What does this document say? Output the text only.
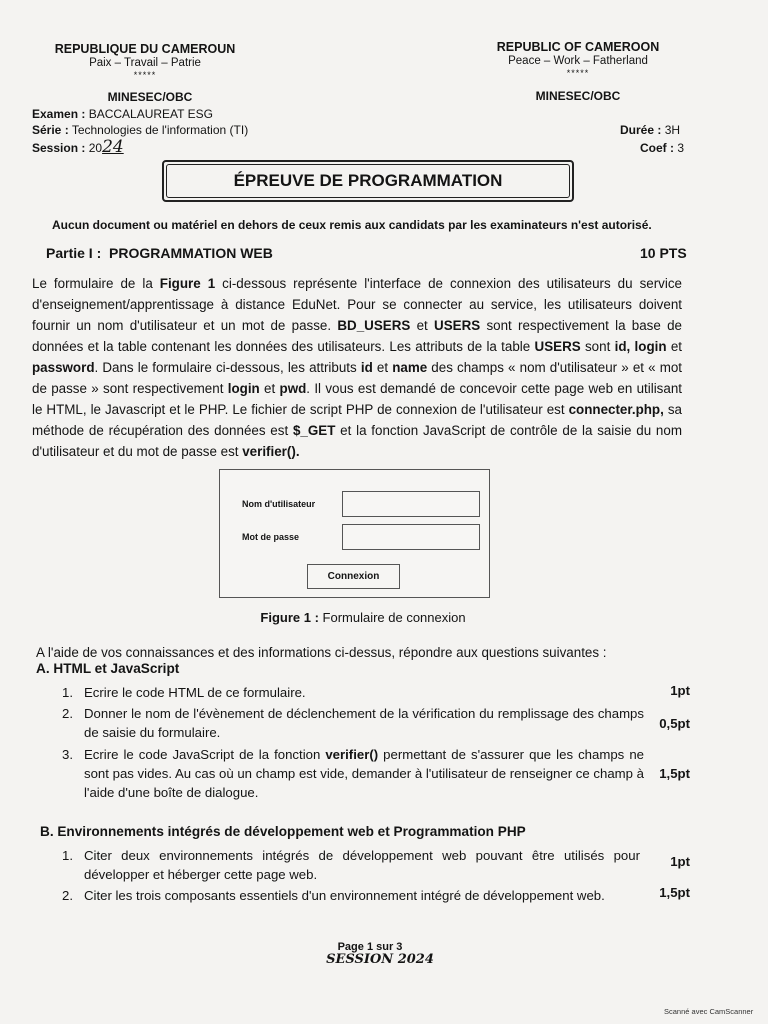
REPUBLIQUE DU CAMEROUN
Paix – Travail – Patrie
*****
MINESEC/OBC
REPUBLIC OF CAMEROON
Peace – Work – Fatherland
*****
MINESEC/OBC
Examen : BACCALAUREAT ESG
Série : Technologies de l'information (TI)
Session : 2024
Durée : 3H
Coef : 3
ÉPREUVE DE PROGRAMMATION
Aucun document ou matériel en dehors de ceux remis aux candidats par les examinateurs n'est autorisé.
Partie I : PROGRAMMATION WEB	10 PTS
Le formulaire de la Figure 1 ci-dessous représente l'interface de connexion des utilisateurs du service d'enseignement/apprentissage à distance EduNet. Pour se connecter au service, les utilisateurs doivent fournir un nom d'utilisateur et un mot de passe. BD_USERS et USERS sont respectivement la base de données et la table contenant les données des utilisateurs. Les attributs de la table USERS sont id, login et password. Dans le formulaire ci-dessous, les attributs id et name des champs « nom d'utilisateur » et « mot de passe » sont respectivement login et pwd. Il vous est demandé de concevoir cette page web en utilisant le HTML, le Javascript et le PHP. Le fichier de script PHP de connexion de l'utilisateur est connecter.php, sa méthode de récupération des données est $_GET et la fonction JavaScript de contrôle de la saisie du nom d'utilisateur et du mot de passe est verifier().
Nom d'utilisateur
Mot de passe
Connexion
Figure 1 : Formulaire de connexion
A l'aide de vos connaissances et des informations ci-dessus, répondre aux questions suivantes :
A. HTML et JavaScript
1. Ecrire le code HTML de ce formulaire.	1pt
2. Donner le nom de l'évènement de déclenchement de la vérification du remplissage des champs de saisie du formulaire.
0,5pt
3. Ecrire le code JavaScript de la fonction verifier() permettant de s'assurer que les champs ne sont pas vides. Au cas où un champ est vide, demander à l'utilisateur de renseigner ce champ à l'aide d'une boîte de dialogue.
1,5pt
B. Environnements intégrés de développement web et Programmation PHP
1. Citer deux environnements intégrés de développement web pouvant être utilisés pour développer et héberger cette page web.
1pt
2. Citer les trois composants essentiels d'un environnement intégré de développement web.	1,5pt
Page 1 sur 3
SESSION 2024
Scanné avec CamScanner
